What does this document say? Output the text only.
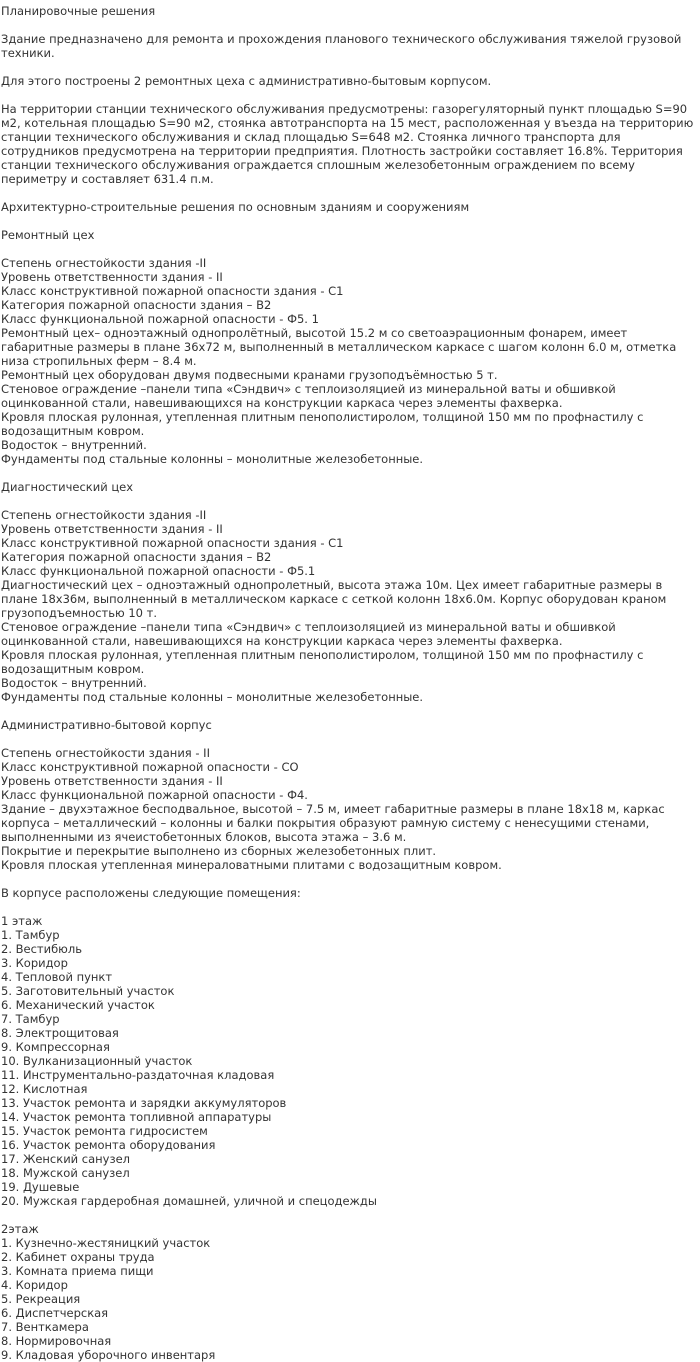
Планировочные решения

Здание предназначено для ремонта и прохождения планового технического обслуживания тяжелой грузовой техники.

Для этого построены 2 ремонтных цеха с административно-бытовым корпусом.

На территории станции технического обслуживания предусмотрены: газорегуляторный пункт площадью S=90 м2, котельная площадью S=90 м2, стоянка автотранспорта на 15 мест, расположенная у въезда на территорию станции технического обслуживания и склад площадью S=648 м2. Стоянка личного транспорта для сотрудников предусмотрена на территории предприятия. Плотность застройки составляет 16.8%. Территория станции технического обслуживания ограждается сплошным железобетонным ограждением по всему периметру и составляет 631.4 п.м.

Архитектурно-строительные решения по основным зданиям и сооружениям

Ремонтный цех

Степень огнестойкости здания -II

Уровень ответственности здания - II

Класс конструктивной пожарной опасности здания - С1

Категория пожарной опасности здания – В2

Класс функциональной пожарной опасности - Ф5. 1

Ремонтный цех– одноэтажный однопролётный, высотой 15.2 м со светоаэрационным фонарем, имеет габаритные размеры в плане 36х72 м, выполненный в металлическом каркасе с шагом колонн 6.0 м, отметка низа стропильных ферм – 8.4 м.

Ремонтный цех оборудован двумя подвесными кранами грузоподъёмностью 5 т.

Стеновое ограждение –панели типа «Сэндвич» с теплоизоляцией из минеральной ваты и обшивкой оцинкованной стали, навешивающихся на конструкции каркаса через элементы фахверка.

Кровля плоская рулонная, утепленная плитным пенополистиролом, толщиной 150 мм по профнастилу с водозащитным ковром.

Водосток – внутренний.

Фундаменты под стальные колонны – монолитные железобетонные.

Диагностический цех

Степень огнестойкости здания -II

Уровень ответственности здания - II

Класс конструктивной пожарной опасности здания - С1

Категория пожарной опасности здания – В2

Класс функциональной пожарной опасности - Ф5.1

Диагностический цех – одноэтажный однопролетный, высота этажа 10м. Цех имеет габаритные размеры в плане 18х36м, выполненный в металлическом каркасе с сеткой колонн 18х6.0м. Корпус оборудован краном грузоподъемностью 10 т.

Стеновое ограждение –панели типа «Сэндвич» с теплоизоляцией из минеральной ваты и обшивкой оцинкованной стали, навешивающихся на конструкции каркаса через элементы фахверка.

Кровля плоская рулонная, утепленная плитным пенополистиролом, толщиной 150 мм по профнастилу с водозащитным ковром.

Водосток – внутренний.

Фундаменты под стальные колонны – монолитные железобетонные.

Административно-бытовой корпус

Степень огнестойкости здания - II

Класс конструктивной пожарной опасности - СО

Уровень ответственности здания - II

Класс функциональной пожарной опасности - Ф4.

Здание – двухэтажное бесподвальное, высотой – 7.5 м, имеет габаритные размеры в плане 18х18 м, каркас корпуса – металлический – колонны и балки покрытия образуют рамную систему с ненесущими стенами, выполненными из ячеистобетонных блоков, высота этажа – 3.6 м.

Покрытие и перекрытие выполнено из сборных железобетонных плит.

Кровля плоская утепленная минераловатными плитами с водозащитным ковром.

В корпусе расположены следующие помещения:

1 этаж

1. Тамбур

2. Вестибюль

3. Коридор

4. Тепловой пункт

5. Заготовительный участок

6. Механический участок

7. Тамбур

8. Электрощитовая

9. Компрессорная

10. Вулканизационный участок

11. Инструментально-раздаточная кладовая

12. Кислотная

13. Участок ремонта и зарядки аккумуляторов

14. Участок ремонта топливной аппаратуры

15. Участок ремонта гидросистем

16. Участок ремонта оборудования

17. Женский санузел

18. Мужской санузел

19. Душевые

20. Мужская гардеробная домашней, уличной и спецодежды

2этаж

1. Кузнечно-жестяницкий участок

2. Кабинет охраны труда

3. Комната приема пищи

4. Коридор

5. Рекреация

6. Диспетчерская

7. Венткамера

8. Нормировочная

9. Кладовая уборочного инвентаря
